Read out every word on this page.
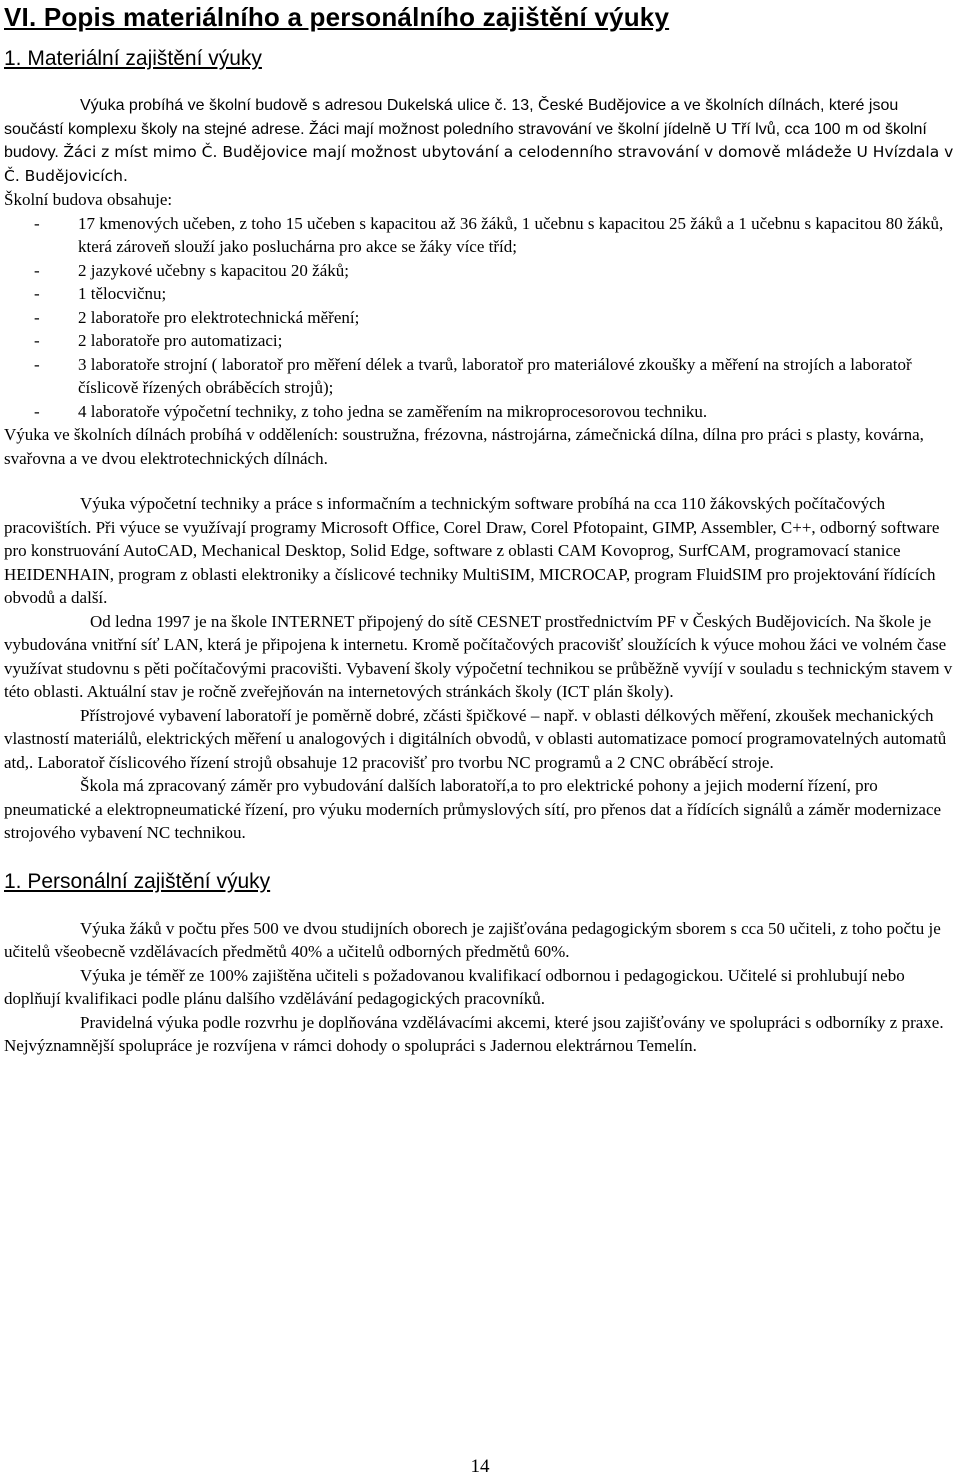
VI. Popis materiálního a personálního zajištění výuky
1. Materiální zajištění výuky

Výuka probíhá ve školní budově s adresou Dukelská ulice č. 13, České Budějovice a ve školních dílnách, které jsou součástí komplexu školy na stejné adrese. Žáci mají možnost poledního stravování ve školní jídelně U Tří lvů, cca 100 m od školní budovy. Žáci z míst mimo Č. Budějovice mají možnost ubytování a celodenního stravování v domově mládeže U Hvízdala v Č. Budějovicích.

Školní budova obsahuje:

- 17 kmenových učeben, z toho 15 učeben s kapacitou až 36 žáků, 1 učebnu s kapacitou 25 žáků a 1 učebnu s kapacitou 80 žáků, která zároveň slouží jako posluchárna pro akce se žáky více tříd;
- 2 jazykové učebny s kapacitou 20 žáků;
- 1 tělocvičnu;
- 2 laboratoře pro elektrotechnická měření;
- 2 laboratoře pro automatizaci;
- 3 laboratoře strojní ( laboratoř pro měření délek a tvarů, laboratoř pro materiálové zkoušky a měření na strojích a laboratoř číslicově řízených obráběcích strojů);
- 4 laboratoře výpočetní techniky, z toho jedna se zaměřením na mikroprocesorovou techniku.

Výuka ve školních dílnách probíhá v odděleních: soustružna, frézovna, nástrojárna, zámečnická dílna, dílna pro práci s plasty, kovárna, svařovna a ve dvou elektrotechnických dílnách.

Výuka výpočetní techniky a práce s informačním a technickým software probíhá na cca 110 žákovských počítačových pracovištích. Při výuce se využívají programy Microsoft Office, Corel Draw, Corel Pfotopaint, GIMP, Assembler, C++, odborný software pro konstruování AutoCAD, Mechanical Desktop, Solid Edge, software z oblasti CAM Kovoprog, SurfCAM, programovací stanice HEIDENHAIN, program z oblasti elektroniky a číslicové techniky MultiSIM, MICROCAP, program FluidSIM pro projektování řídících obvodů a další.

Od ledna 1997 je na škole INTERNET připojený do sítě CESNET prostřednictvím PF v Českých Budějovicích. Na škole je vybudována vnitřní síť LAN, která je připojena k internetu. Kromě počítačových pracovišť sloužících k výuce mohou žáci ve volném čase využívat studovnu s pěti počítačovými pracovišti. Vybavení školy výpočetní technikou se průběžně vyvíjí v souladu s technickým stavem v této oblasti. Aktuální stav je ročně zveřejňován na internetových stránkách školy (ICT plán školy).

Přístrojové vybavení laboratoří je poměrně dobré, zčásti špičkové – např. v oblasti délkových měření, zkoušek mechanických vlastností materiálů, elektrických měření u analogových i digitálních obvodů, v oblasti automatizace pomocí programovatelných automatů atd,. Laboratoř číslicového řízení strojů obsahuje 12 pracovišť pro tvorbu NC programů a 2 CNC obráběcí stroje.

Škola má zpracovaný záměr pro vybudování dalších laboratoří,a to pro elektrické pohony a jejich moderní řízení, pro pneumatické a elektropneumatické řízení, pro výuku moderních průmyslových sítí, pro přenos dat a řídících signálů a záměr modernizace strojového vybavení NC technikou.

1. Personální zajištění výuky

Výuka žáků v počtu přes 500 ve dvou studijních oborech je zajišťována pedagogickým sborem s cca 50 učiteli, z toho počtu je učitelů všeobecně vzdělávacích předmětů 40% a učitelů odborných předmětů 60%.

Výuka je téměř ze 100% zajištěna učiteli s požadovanou kvalifikací odbornou i pedagogickou. Učitelé si prohlubují nebo doplňují kvalifikaci podle plánu dalšího vzdělávání pedagogických pracovníků.

Pravidelná výuka podle rozvrhu je doplňována vzdělávacími akcemi, které jsou zajišťovány ve spolupráci s odborníky z praxe. Nejvýznamnější spolupráce je rozvíjena v rámci dohody o spolupráci s Jadernou elektrárnou Temelín.

14
